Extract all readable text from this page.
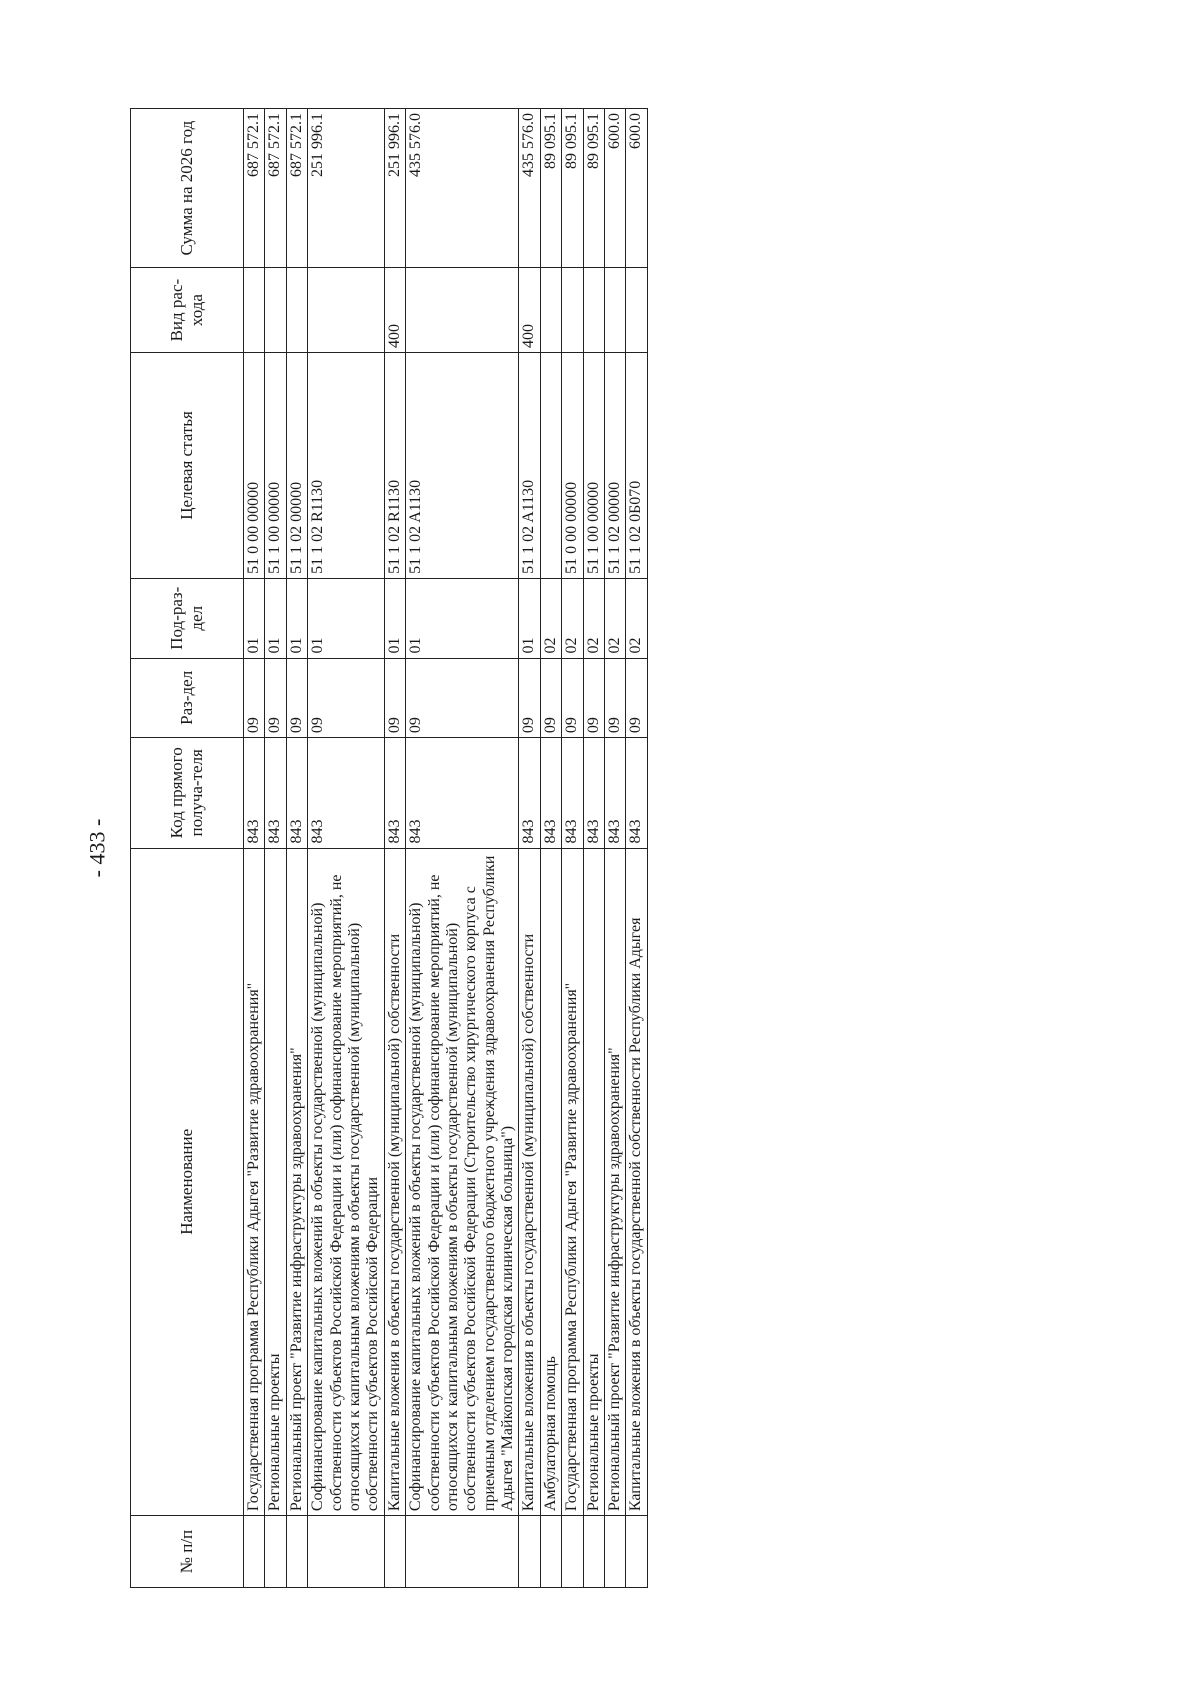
- 433 -
№ п/п	Наименование	Код прямого получа-теля	Раз-дел	Под-раз-дел	Целевая статья	Вид рас-хода	Сумма на 2026 год
	Государственная программа Республики Адыгея "Развитие здравоохранения"	843	09	01	51 0 00 00000		687 572.1
	Региональные проекты	843	09	01	51 1 00 00000		687 572.1
	Региональный проект "Развитие инфраструктуры здравоохранения"	843	09	01	51 1 02 00000		687 572.1
	Софинансирование капитальных вложений в объекты государственной (муниципальной) собственности субъектов Российской Федерации и (или) софинансирование мероприятий, не относящихся к капитальным вложениям в объекты государственной (муниципальной) собственности субъектов Российской Федерации	843	09	01	51 1 02 R1130		251 996.1
	Капитальные вложения в объекты государственной (муниципальной) собственности	843	09	01	51 1 02 R1130	400	251 996.1
	Софинансирование капитальных вложений в объекты государственной (муниципальной) собственности субъектов Российской Федерации и (или) софинансирование мероприятий, не относящихся к капитальным вложениям в объекты государственной (муниципальной) собственности субъектов Российской Федерации (Строительство хирургического корпуса с приемным отделением государственного бюджетного учреждения здравоохранения Республики Адыгея "Майкопская городская клиническая больница")	843	09	01	51 1 02 A1130		435 576.0
	Капитальные вложения в объекты государственной (муниципальной) собственности	843	09	01	51 1 02 A1130	400	435 576.0
	Амбулаторная помощь	843	09	02			89 095.1
	Государственная программа Республики Адыгея "Развитие здравоохранения"	843	09	02	51 0 00 00000		89 095.1
	Региональные проекты	843	09	02	51 1 00 00000		89 095.1
	Региональный проект "Развитие инфраструктуры здравоохранения"	843	09	02	51 1 02 00000		600.0
	Капитальные вложения в объекты государственной собственности Республики Адыгея	843	09	02	51 1 02 0Б070		600.0
